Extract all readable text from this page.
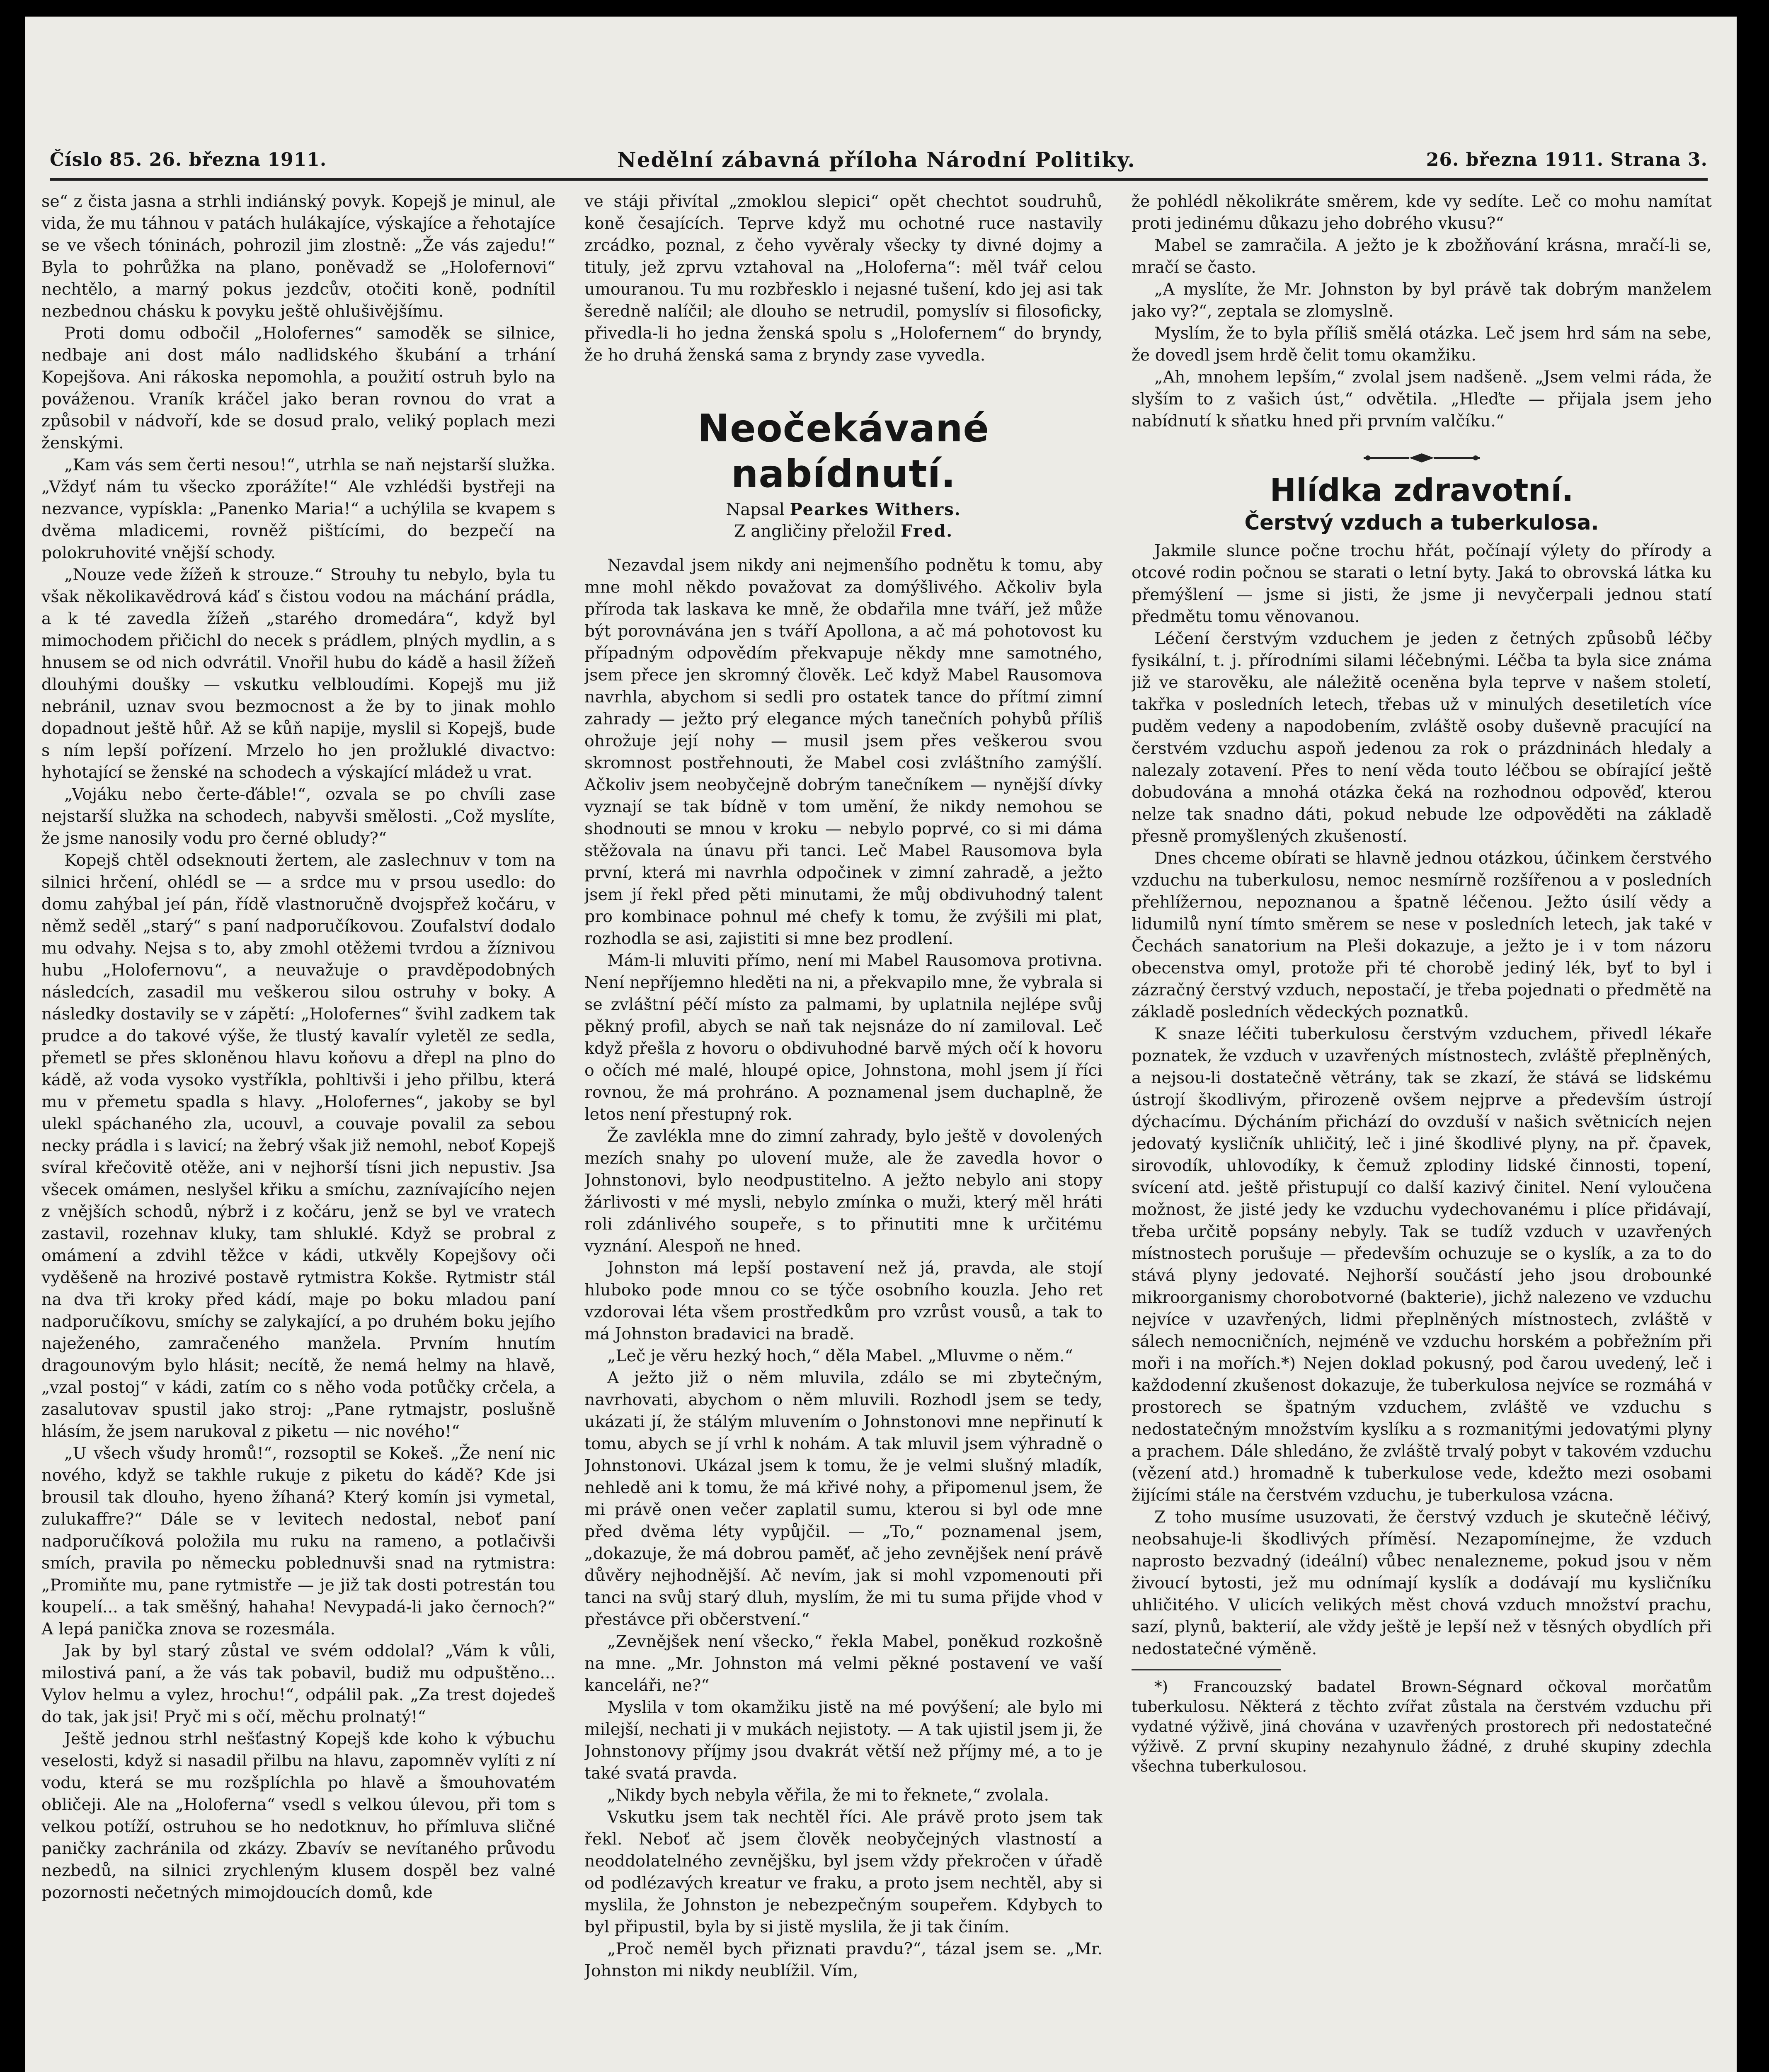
Číslo 85. 26. března 1911.	Nedělní zábavná příloha Národní Politiky.	26. března 1911. Strana 3.

se“ z čista jasna a strhli indiánský povyk. Kopejš je minul, ale vida, že mu táhnou v patách hulákajíce, výskajíce a řehotajíce se ve všech tóninách, pohrozil jim zlostně: „Že vás zajedu!“ Byla to pohrůžka na plano, poněvadž se „Holofernovi“ nechtělo, a marný pokus jezdcův, otočiti koně, podnítil nezbednou chásku k povyku ještě ohlušivějšímu.

Proti domu odbočil „Holofernes“ samoděk se silnice, nedbaje ani dost málo nadlidského škubání a trhání Kopejšova. Ani rákoska nepomohla, a použití ostruh bylo na pováženou. Vraník kráčel jako beran rovnou do vrat a způsobil v nádvoří, kde se dosud pralo, veliký poplach mezi ženskými.

„Kam vás sem čerti nesou!“, utrhla se naň nejstarší služka. „Vždyť nám tu všecko zporážíte!“ Ale vzhlédši bystřeji na nezvance, vypískla: „Panenko Maria!“ a uchýlila se kvapem s dvěma mladicemi, rovněž pištícími, do bezpečí na polokruhovité vnější schody.

„Nouze vede žížeň k strouze.“ Strouhy tu nebylo, byla tu však několikavědrová káď s čistou vodou na máchání prádla, a k té zavedla žížeň „starého dromedára“, když byl mimochodem přičichl do necek s prádlem, plných mydlin, a s hnusem se od nich odvrátil. Vnořil hubu do kádě a hasil žížeň dlouhými doušky — vskutku velbloudími. Kopejš mu již nebránil, uznav svou bezmocnost a že by to jinak mohlo dopadnout ještě hůř. Až se kůň napije, myslil si Kopejš, bude s ním lepší pořízení. Mrzelo ho jen prožluklé divactvo: hyhotající se ženské na schodech a výskající mládež u vrat.

„Vojáku nebo čerte-ďáble!“, ozvala se po chvíli zase nejstarší služka na schodech, nabyvši smělosti. „Což myslíte, že jsme nanosily vodu pro černé obludy?“

Kopejš chtěl odseknouti žertem, ale zaslechnuv v tom na silnici hrčení, ohlédl se — a srdce mu v prsou usedlo: do domu zahýbal jeí pán, řídě vlastnoručně dvojspřež kočáru, v němž seděl „starý“ s paní nadporučíkovou. Zoufalství dodalo mu odvahy. Nejsa s to, aby zmohl otěžemi tvrdou a žíznivou hubu „Holofernovu“, a neuvažuje o pravděpodobných následcích, zasadil mu veškerou silou ostruhy v boky. A následky dostavily se v zápětí: „Holofernes“ švihl zadkem tak prudce a do takové výše, že tlustý kavalír vyletěl ze sedla, přemetl se přes skloněnou hlavu koňovu a dřepl na plno do kádě, až voda vysoko vystříkla, pohltivši i jeho přilbu, která mu v přemetu spadla s hlavy. „Holofernes“, jakoby se byl ulekl spáchaného zla, ucouvl, a couvaje povalil za sebou necky prádla i s lavicí; na žebrý však již nemohl, neboť Kopejš svíral křečovitě otěže, ani v nejhorší tísni jich nepustiv. Jsa všecek omámen, neslyšel křiku a smíchu, zaznívajícího nejen z vnějších schodů, nýbrž i z kočáru, jenž se byl ve vratech zastavil, rozehnav kluky, tam shluklé. Když se probral z omámení a zdvihl těžce v kádi, utkvěly Kopejšovy oči vyděšeně na hrozivé postavě rytmistra Kokše. Rytmistr stál na dva tři kroky před kádí, maje po boku mladou paní nadporučíkovu, smíchy se zalykající, a po druhém boku jejího naježeného, zamračeného manžela. Prvním hnutím dragounovým bylo hlásit; necítě, že nemá helmy na hlavě, „vzal postoj“ v kádi, zatím co s něho voda potůčky crčela, a zasalutovav spustil jako stroj: „Pane rytmajstr, poslušně hlásím, že jsem narukoval z piketu — nic nového!“

„U všech všudy hromů!“, rozsoptil se Kokeš. „Že není nic nového, když se takhle rukuje z piketu do kádě? Kde jsi brousil tak dlouho, hyeno žíhaná? Který komín jsi vymetal, zulukaffre?“ Dále se v levitech nedostal, neboť paní nadporučíková položila mu ruku na rameno, a potlačivši smích, pravila po německu poblednuvši snad na rytmistra: „Promiňte mu, pane rytmistře — je již tak dosti potrestán tou koupelí... a tak směšný, hahaha! Nevypadá-li jako černoch?“ A lepá panička znova se rozesmála.

Jak by byl starý zůstal ve svém oddolal? „Vám k vůli, milostivá paní, a že vás tak pobavil, budiž mu odpuštěno... Vylov helmu a vylez, hrochu!“, odpálil pak. „Za trest dojedeš do tak, jak jsi! Pryč mi s očí, měchu prolnatý!“

Ještě jednou strhl nešťastný Kopejš kde koho k výbuchu veselosti, když si nasadil přilbu na hlavu, zapomněv vylíti z ní vodu, která se mu rozšplíchla po hlavě a šmouhovatém obličeji. Ale na „Holoferna“ vsedl s velkou úlevou, při tom s velkou potíží, ostruhou se ho nedotknuv, ho přímluva sličné paničky zachránila od zkázy. Zbavív se nevítaného průvodu nezbedů, na silnici zrychleným klusem dospěl bez valné pozornosti nečetných mimojdoucích domů, kde

ve stáji přivítal „zmoklou slepici“ opět chechtot soudruhů, koně česajících. Teprve když mu ochotné ruce nastavily zrcádko, poznal, z čeho vyvěraly všecky ty divné dojmy a tituly, jež zprvu vztahoval na „Holoferna“: měl tvář celou umouranou. Tu mu rozbřesklo i nejasné tušení, kdo jej asi tak šeredně nalíčil; ale dlouho se netrudil, pomyslív si filosoficky, přivedla-li ho jedna ženská spolu s „Holofernem“ do bryndy, že ho druhá ženská sama z bryndy zase vyvedla.

Neočekávané nabídnutí.
Napsal Pearkes Withers.
Z angličiny přeložil Fred.

Nezavdal jsem nikdy ani nejmenšího podnětu k tomu, aby mne mohl někdo považovat za domýšlivého. Ačkoliv byla příroda tak laskava ke mně, že obdařila mne tváří, jež může být porovnávána jen s tváří Apollona, a ač má pohotovost ku případným odpovědím překvapuje někdy mne samotného, jsem přece jen skromný člověk. Leč když Mabel Rausomova navrhla, abychom si sedli pro ostatek tance do přítmí zimní zahrady — ježto prý elegance mých tanečních pohybů příliš ohrožuje její nohy — musil jsem přes veškerou svou skromnost postřehnouti, že Mabel cosi zvláštního zamýšlí. Ačkoliv jsem neobyčejně dobrým tanečníkem — nynější dívky vyznají se tak bídně v tom umění, že nikdy nemohou se shodnouti se mnou v kroku — nebylo poprvé, co si mi dáma stěžovala na únavu při tanci. Leč Mabel Rausomova byla první, která mi navrhla odpočinek v zimní zahradě, a ježto jsem jí řekl před pěti minutami, že můj obdivuhodný talent pro kombinace pohnul mé chefy k tomu, že zvýšili mi plat, rozhodla se asi, zajistiti si mne bez prodlení.

Mám-li mluviti přímo, není mi Mabel Rausomova protivna. Není nepříjemno hleděti na ni, a překvapilo mne, že vybrala si se zvláštní péčí místo za palmami, by uplatnila nejlépe svůj pěkný profil, abych se naň tak nejsnáze do ní zamiloval. Leč když přešla z hovoru o obdivuhodné barvě mých očí k hovoru o očích mé malé, hloupé opice, Johnstona, mohl jsem jí říci rovnou, že má prohráno. A poznamenal jsem duchaplně, že letos není přestupný rok.

Že zavlékla mne do zimní zahrady, bylo ještě v dovolených mezích snahy po ulovení muže, ale že zavedla hovor o Johnstonovi, bylo neodpustitelno. A ježto nebylo ani stopy žárlivosti v mé mysli, nebylo zmínka o muži, který měl hráti roli zdánlivého soupeře, s to přinutiti mne k určitému vyznání. Alespoň ne hned.

Johnston má lepší postavení než já, pravda, ale stojí hluboko pode mnou co se týče osobního kouzla. Jeho ret vzdorovai léta všem prostředkům pro vzrůst vousů, a tak to má Johnston bradavici na bradě.

„Leč je věru hezký hoch,“ děla Mabel. „Mluvme o něm.“

A ježto již o něm mluvila, zdálo se mi zbytečným, navrhovati, abychom o něm mluvili. Rozhodl jsem se tedy, ukázati jí, že stálým mluvením o Johnstonovi mne nepřinutí k tomu, abych se jí vrhl k nohám. A tak mluvil jsem výhradně o Johnstonovi. Ukázal jsem k tomu, že je velmi slušný mladík, nehledě ani k tomu, že má křivé nohy, a připomenul jsem, že mi právě onen večer zaplatil sumu, kterou si byl ode mne před dvěma léty vypůjčil. — „To,“ poznamenal jsem, „dokazuje, že má dobrou paměť, ač jeho zevnějšek není právě důvěry nejhodnější. Ač nevím, jak si mohl vzpomenouti při tanci na svůj starý dluh, myslím, že mi tu suma přijde vhod v přestávce při občerstvení.“

„Zevnějšek není všecko,“ řekla Mabel, poněkud rozkošně na mne. „Mr. Johnston má velmi pěkné postavení ve vaší kanceláři, ne?“

Myslila v tom okamžiku jistě na mé povýšení; ale bylo mi milejší, nechati ji v mukách nejistoty. — A tak ujistil jsem ji, že Johnstonovy příjmy jsou dvakrát větší než příjmy mé, a to je také svatá pravda.

„Nikdy bych nebyla věřila, že mi to řeknete,“ zvolala.

Vskutku jsem tak nechtěl říci. Ale právě proto jsem tak řekl. Neboť ač jsem člověk neobyčejných vlastností a neoddolatelného zevnějšku, byl jsem vždy překročen v úřadě od podlézavých kreatur ve fraku, a proto jsem nechtěl, aby si myslila, že Johnston je nebezpečným soupeřem. Kdybych to byl připustil, byla by si jistě myslila, že ji tak činím.

„Proč neměl bych přiznati pravdu?“, tázal jsem se. „Mr. Johnston mi nikdy neublížil. Vím,

že pohlédl několikráte směrem, kde vy sedíte. Leč co mohu namítat proti jedinému důkazu jeho dobrého vkusu?“

Mabel se zamračila. A ježto je k zbožňování krásna, mračí-li se, mračí se často.

„A myslíte, že Mr. Johnston by byl právě tak dobrým manželem jako vy?“, zeptala se zlomyslně.

Myslím, že to byla příliš smělá otázka. Leč jsem hrd sám na sebe, že dovedl jsem hrdě čelit tomu okamžiku.

„Ah, mnohem lepším,“ zvolal jsem nadšeně. „Jsem velmi ráda, že slyším to z vašich úst,“ odvětila. „Hleďte — přijala jsem jeho nabídnutí k sňatku hned při prvním valčíku.“

Hlídka zdravotní.
Čerstvý vzduch a tuberkulosa.

Jakmile slunce počne trochu hřát, počínají výlety do přírody a otcové rodin počnou se starati o letní byty. Jaká to obrovská látka ku přemýšlení — jsme si jisti, že jsme ji nevyčerpali jednou statí předmětu tomu věnovanou.

Léčení čerstvým vzduchem je jeden z četných způsobů léčby fysikální, t. j. přírodními silami léčebnými. Léčba ta byla sice známa již ve starověku, ale náležitě oceněna byla teprve v našem století, takřka v posledních letech, třebas už v minulých desetiletích více puděm vedeny a napodobením, zvláště osoby duševně pracující na čerstvém vzduchu aspoň jedenou za rok o prázdninách hledaly a nalezaly zotavení. Přes to není věda touto léčbou se obírající ještě dobudována a mnohá otázka čeká na rozhodnou odpověď, kterou nelze tak snadno dáti, pokud nebude lze odpověděti na základě přesně promyšlených zkušeností.

Dnes chceme obírati se hlavně jednou otázkou, účinkem čerstvého vzduchu na tuberkulosu, nemoc nesmírně rozšířenou a v posledních přehlížernou, nepoznanou a špatně léčenou. Ježto úsilí vědy a lidumilů nyní tímto směrem se nese v posledních letech, jak také v Čechách sanatorium na Pleši dokazuje, a ježto je i v tom názoru obecenstva omyl, protože při té chorobě jediný lék, byť to byl i zázračný čerstvý vzduch, nepostačí, je třeba pojednati o předmětě na základě posledních vědeckých poznatků.

K snaze léčiti tuberkulosu čerstvým vzduchem, přivedl lékaře poznatek, že vzduch v uzavřených místnostech, zvláště přeplněných, a nejsou-li dostatečně větrány, tak se zkazí, že stává se lidskému ústrojí škodlivým, přirozeně ovšem nejprve a především ústrojí dýchacímu. Dýcháním přichází do ovzduší v našich světnicích nejen jedovatý kysličník uhličitý, leč i jiné škodlivé plyny, na př. čpavek, sirovodík, uhlovodíky, k čemuž zplodiny lidské činnosti, topení, svícení atd. ještě přistupují co další kazivý činitel. Není vyloučena možnost, že jisté jedy ke vzduchu vydechovanému i plíce přidávají, třeba určitě popsány nebyly. Tak se tudíž vzduch v uzavřených místnostech porušuje — především ochuzuje se o kyslík, a za to do stává plyny jedovaté. Nejhorší součástí jeho jsou drobounké mikroorganismy chorobotvorné (bakterie), jichž nalezeno ve vzduchu nejvíce v uzavřených, lidmi přeplněných místnostech, zvláště v sálech nemocničních, nejméně ve vzduchu horském a pobřežním při moři i na mořích.*) Nejen doklad pokusný, pod čarou uvedený, leč i každodenní zkušenost dokazuje, že tuberkulosa nejvíce se rozmáhá v prostorech se špatným vzduchem, zvláště ve vzduchu s nedostatečným množstvím kyslíku a s rozmanitými jedovatými plyny a prachem. Dále shledáno, že zvláště trvalý pobyt v takovém vzduchu (vězení atd.) hromadně k tuberkulose vede, kdežto mezi osobami žijícími stále na čerstvém vzduchu, je tuberkulosa vzácna.

Z toho musíme usuzovati, že čerstvý vzduch je skutečně léčivý, neobsahuje-li škodlivých příměsí. Nezapomínejme, že vzduch naprosto bezvadný (ideální) vůbec nenalezneme, pokud jsou v něm živoucí bytosti, jež mu odnímají kyslík a dodávají mu kysličníku uhličitého. V ulicích velikých měst chová vzduch množství prachu, sazí, plynů, bakterií, ale vždy ještě je lepší než v těsných obydlích při nedostatečné výměně.

*) Francouzský badatel Brown-Ségnard očkoval morčatům tuberkulosu. Některá z těchto zvířat zůstala na čerstvém vzduchu při vydatné výživě, jiná chována v uzavřených prostorech při nedostatečné výživě. Z první skupiny nezahynulo žádné, z druhé skupiny zdechla všechna tuberkulosou.
